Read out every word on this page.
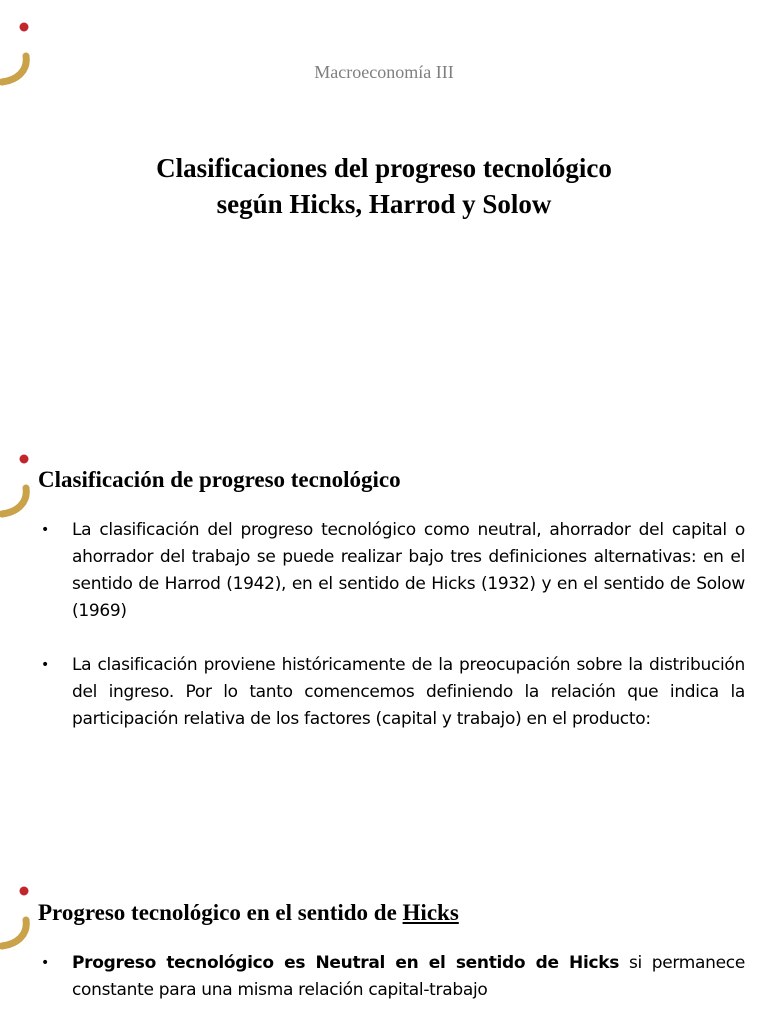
Macroeconomía III
Clasificaciones del progreso tecnológico
según Hicks, Harrod y Solow
Clasificación de progreso tecnológico
• La clasificación del progreso tecnológico como neutral, ahorrador del capital o ahorrador del trabajo se puede realizar bajo tres definiciones alternativas: en el sentido de Harrod (1942), en el sentido de Hicks (1932) y en el sentido de Solow (1969)
• La clasificación proviene históricamente de la preocupación sobre la distribución del ingreso. Por lo tanto comencemos definiendo la relación que indica la participación relativa de los factores (capital y trabajo) en el producto:
Progreso tecnológico en el sentido de Hicks
• Progreso tecnológico es Neutral en el sentido de Hicks si permanece constante para una misma relación capital-trabajo
